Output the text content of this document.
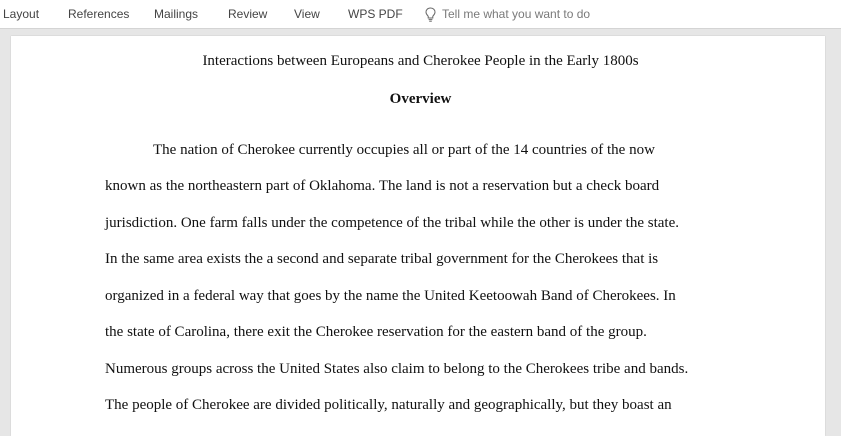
Layout References Mailings Review View WPS PDF	Tell me what you want to do
Interactions between Europeans and Cherokee People in the Early 1800s
Overview
The nation of Cherokee currently occupies all or part of the 14 countries of the now
known as the northeastern part of Oklahoma. The land is not a reservation but a check board
jurisdiction. One farm falls under the competence of the tribal while the other is under the state.
In the same area exists the a second and separate tribal government for the Cherokees that is
organized in a federal way that goes by the name the United Keetoowah Band of Cherokees. In
the state of Carolina, there exit the Cherokee reservation for the eastern band of the group.
Numerous groups across the United States also claim to belong to the Cherokees tribe and bands.
The people of Cherokee are divided politically, naturally and geographically, but they boast an
